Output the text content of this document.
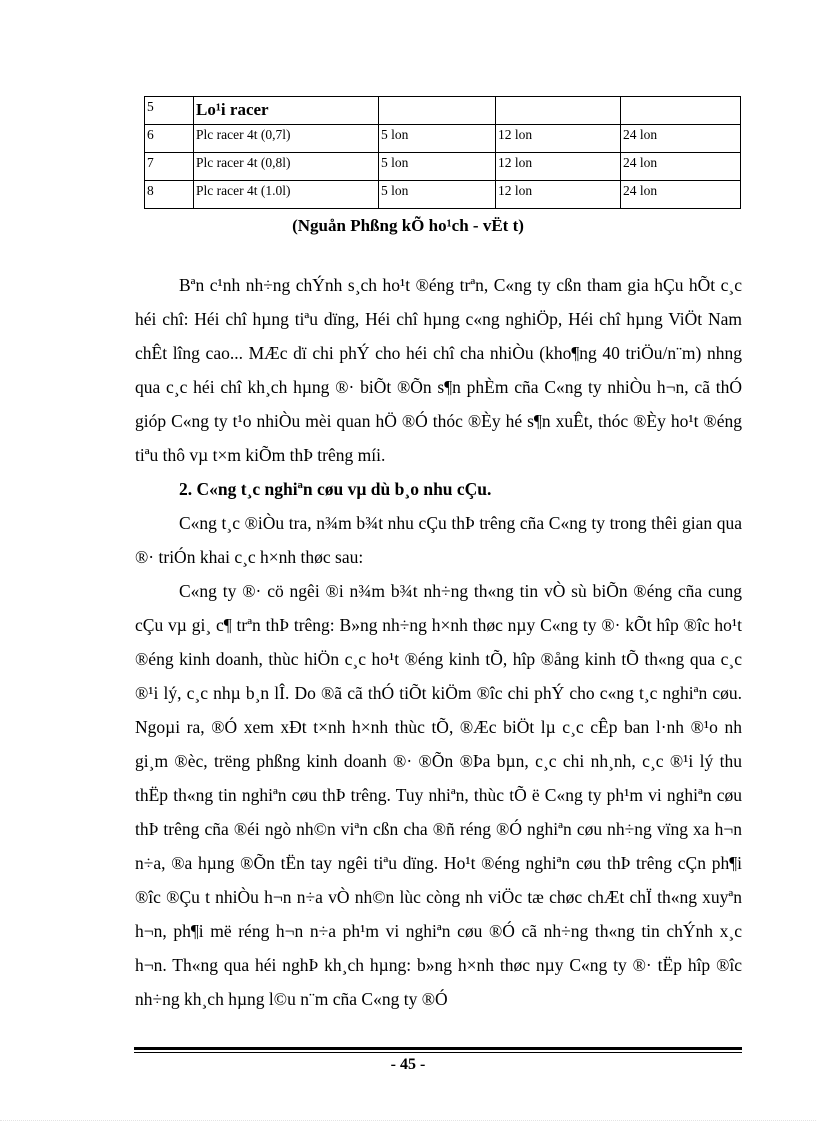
5	Lo¹i racer			
6	Plc racer 4t (0,7l)	5 lon	12 lon	24 lon
7	Plc racer 4t (0,8l)	5 lon	12 lon	24 lon
8	Plc racer 4t (1.0l)	5 lon	12 lon	24 lon
(Nguån Phßng kÕ ho¹ch - vËt t)

Bªn c¹nh nh÷ng chÝnh s¸ch ho¹t ®éng trªn, C«ng ty cßn tham gia hÇu hÕt c¸c héi chî: Héi chî hµng tiªu dïng, Héi chî hµng c«ng nghiÖp, Héi chî hµng ViÖt Nam chÊt lîng cao... MÆc dï chi phÝ cho héi chî cha nhiÒu (kho¶ng 40 triÖu/n¨m) nhng qua c¸c héi chî kh¸ch hµng ®· biÕt ®Õn s¶n phÈm cña C«ng ty nhiÒu h¬n, cã thÓ gióp C«ng ty t¹o nhiÒu mèi quan hÖ ®Ó thóc ®Èy hé s¶n xuÊt, thóc ®Èy ho¹t ®éng tiªu thô vµ t×m kiÕm thÞ trêng míi.

2. C«ng t¸c nghiªn cøu vµ dù b¸o nhu cÇu.

C«ng t¸c ®iÒu tra, n¾m b¾t nhu cÇu thÞ trêng cña C«ng ty trong thêi gian qua ®· triÓn khai c¸c h×nh thøc sau:

C«ng ty ®· cö ngêi ®i n¾m b¾t nh÷ng th«ng tin vÒ sù biÕn ®éng cña cung cÇu vµ gi¸ c¶ trªn thÞ trêng: B»ng nh÷ng h×nh thøc nµy C«ng ty ®· kÕt hîp ®îc ho¹t ®éng kinh doanh, thùc hiÖn c¸c ho¹t ®éng kinh tÕ, hîp ®ång kinh tÕ th«ng qua c¸c ®¹i lý, c¸c nhµ b¸n lÎ. Do ®ã cã thÓ tiÕt kiÖm ®îc chi phÝ cho c«ng t¸c nghiªn cøu. Ngoµi ra, ®Ó xem xÐt t×nh h×nh thùc tÕ, ®Æc biÖt lµ c¸c cÊp ban l·nh ®¹o nh gi¸m ®èc, trëng phßng kinh doanh ®· ®Õn ®Þa bµn, c¸c chi nh¸nh, c¸c ®¹i lý thu thËp th«ng tin nghiªn cøu thÞ trêng. Tuy nhiªn, thùc tÕ ë C«ng ty ph¹m vi nghiªn cøu thÞ trêng cña ®éi ngò nh©n viªn cßn cha ®ñ réng ®Ó nghiªn cøu nh÷ng vïng xa h¬n n÷a, ®a hµng ®Õn tËn tay ngêi tiªu dïng. Ho¹t ®éng nghiªn cøu thÞ trêng cÇn ph¶i ®îc ®Çu t nhiÒu h¬n n÷a vÒ nh©n lùc còng nh viÖc tæ chøc chÆt chÏ th«ng xuyªn h¬n, ph¶i më réng h¬n n÷a ph¹m vi nghiªn cøu ®Ó cã nh÷ng th«ng tin chÝnh x¸c h¬n. Th«ng qua héi nghÞ kh¸ch hµng: b»ng h×nh thøc nµy C«ng ty ®· tËp hîp ®îc nh÷ng kh¸ch hµng l©u n¨m cña C«ng ty ®Ó

- 45 -
